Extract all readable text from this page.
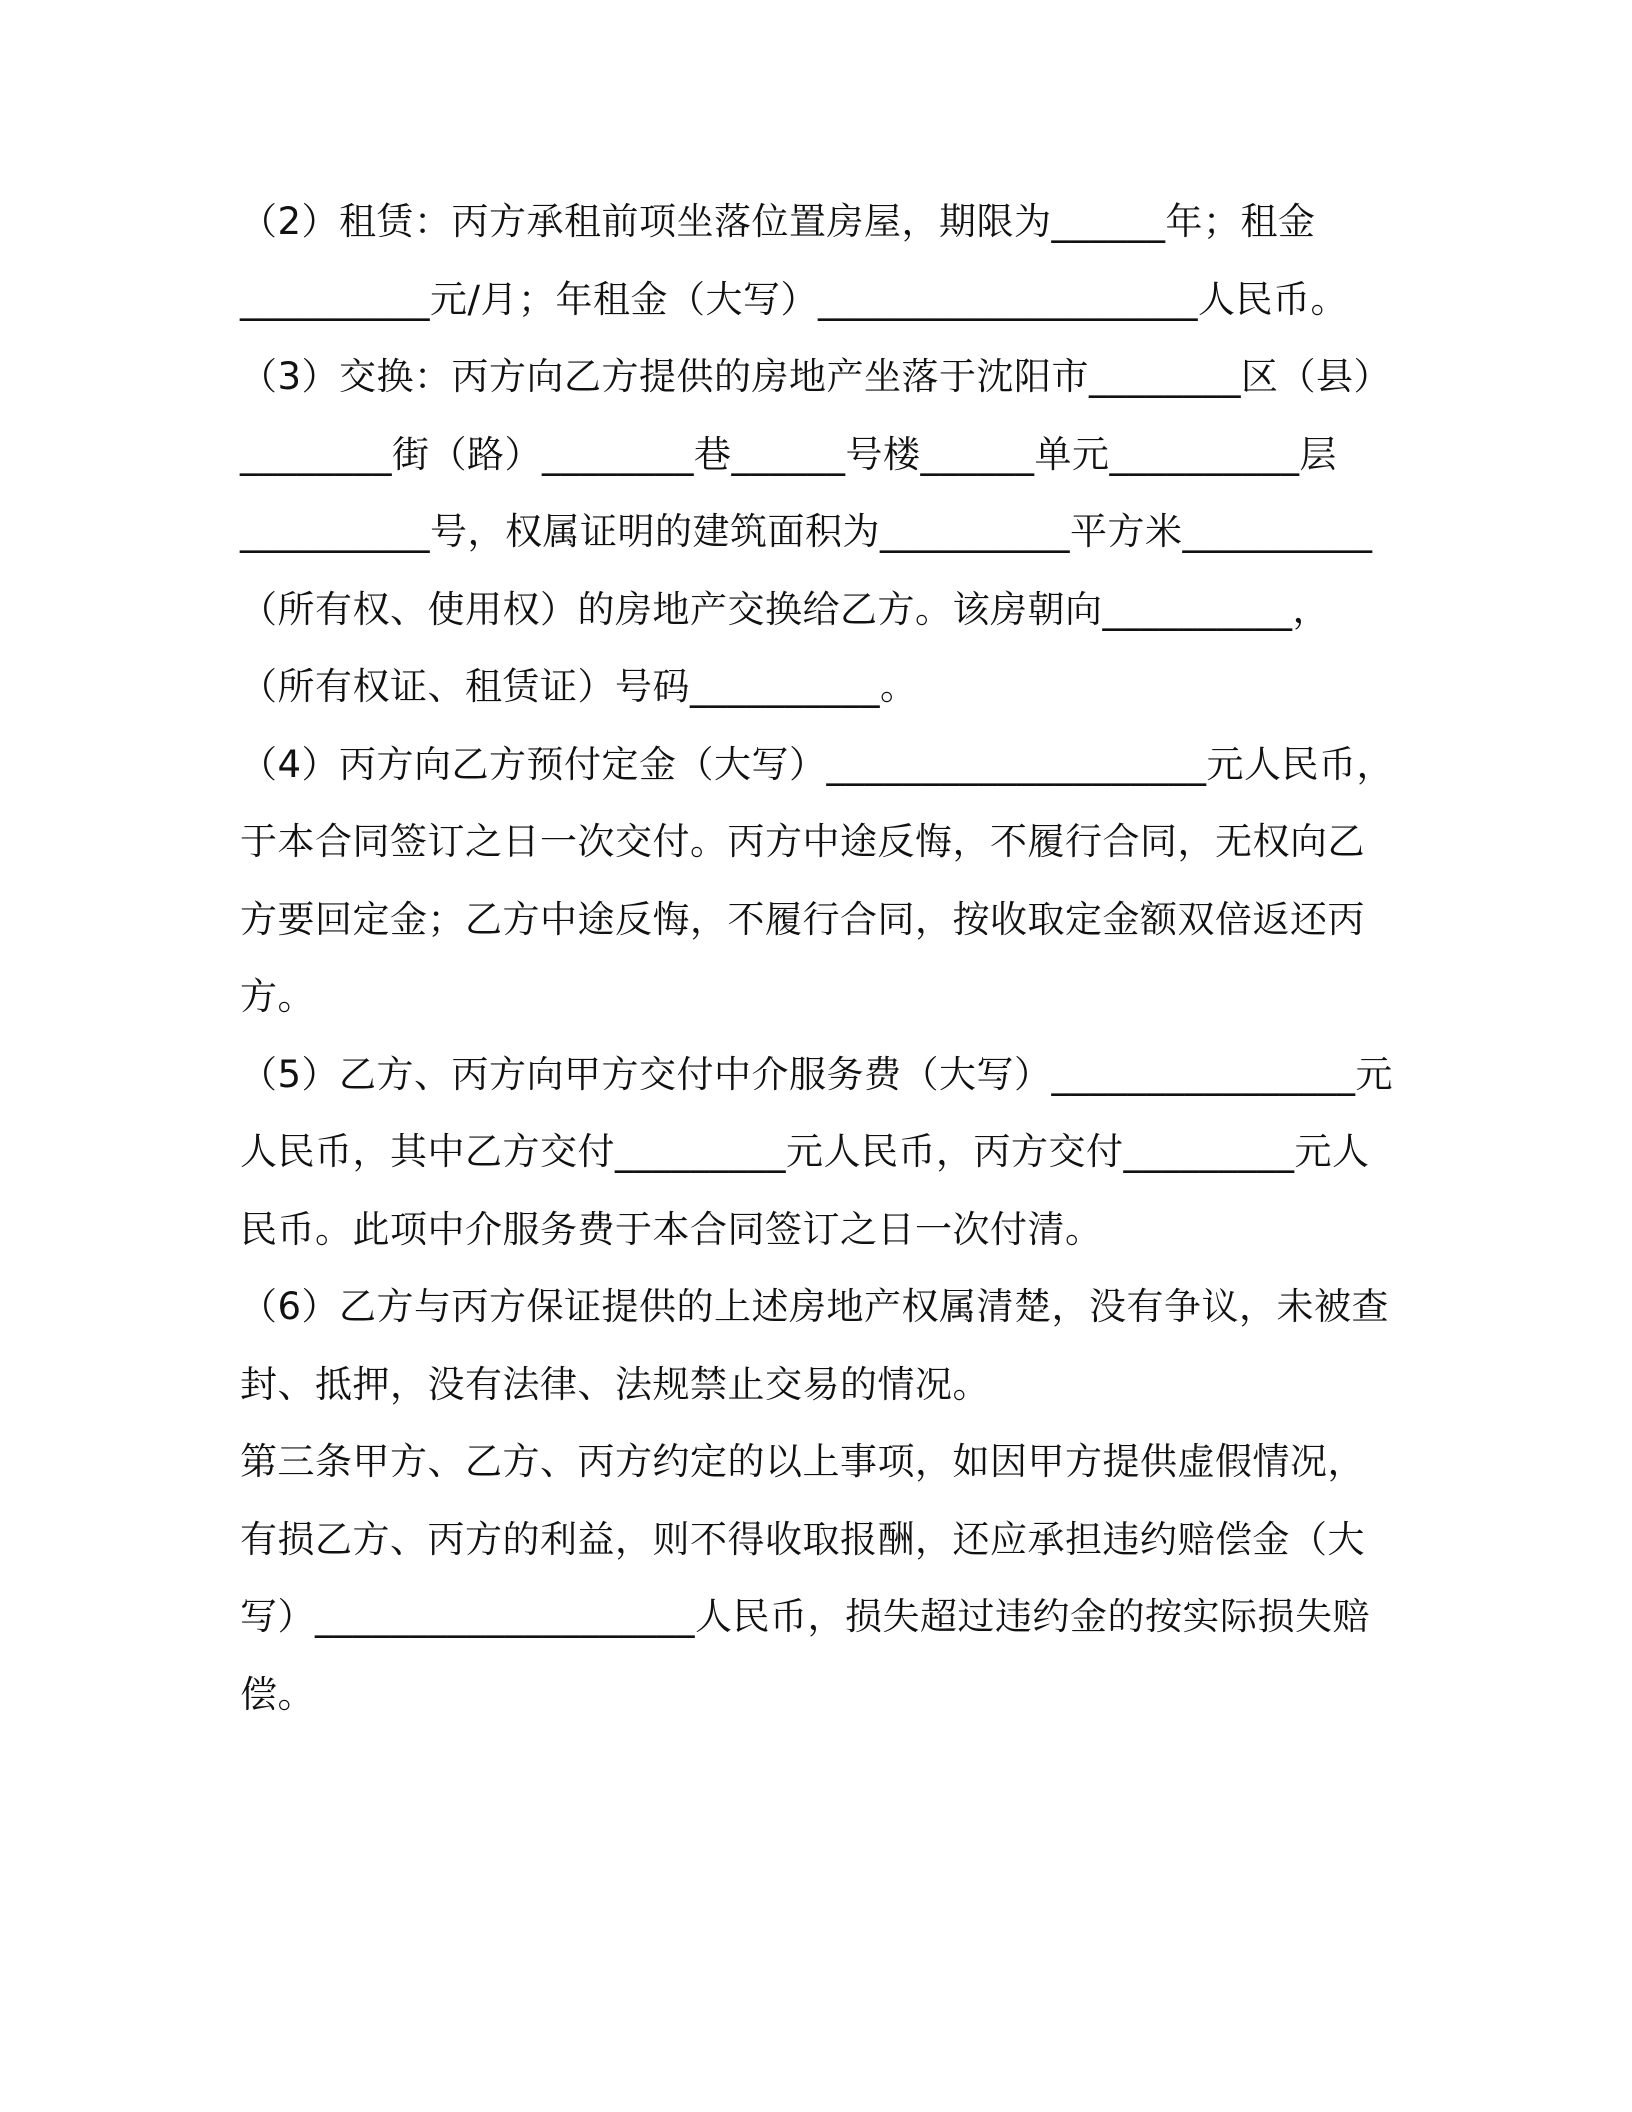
（2）租赁：丙方承租前项坐落位置房屋，期限为______年；租金
__________元/月；年租金（大写）____________________人民币。
（3）交换：丙方向乙方提供的房地产坐落于沈阳市________区（县）
________街（路）________巷______号楼______单元__________层
__________号，权属证明的建筑面积为__________平方米__________
（所有权、使用权）的房地产交换给乙方。该房朝向__________，
（所有权证、租赁证）号码__________。
（4）丙方向乙方预付定金（大写）____________________元人民币，
于本合同签订之日一次交付。丙方中途反悔，不履行合同，无权向乙
方要回定金；乙方中途反悔，不履行合同，按收取定金额双倍返还丙
方。
（5）乙方、丙方向甲方交付中介服务费（大写）________________元
人民币，其中乙方交付_________元人民币，丙方交付_________元人
民币。此项中介服务费于本合同签订之日一次付清。
（6）乙方与丙方保证提供的上述房地产权属清楚，没有争议，未被查
封、抵押，没有法律、法规禁止交易的情况。
第三条甲方、乙方、丙方约定的以上事项，如因甲方提供虚假情况，
有损乙方、丙方的利益，则不得收取报酬，还应承担违约赔偿金（大
写）____________________人民币，损失超过违约金的按实际损失赔
偿。
